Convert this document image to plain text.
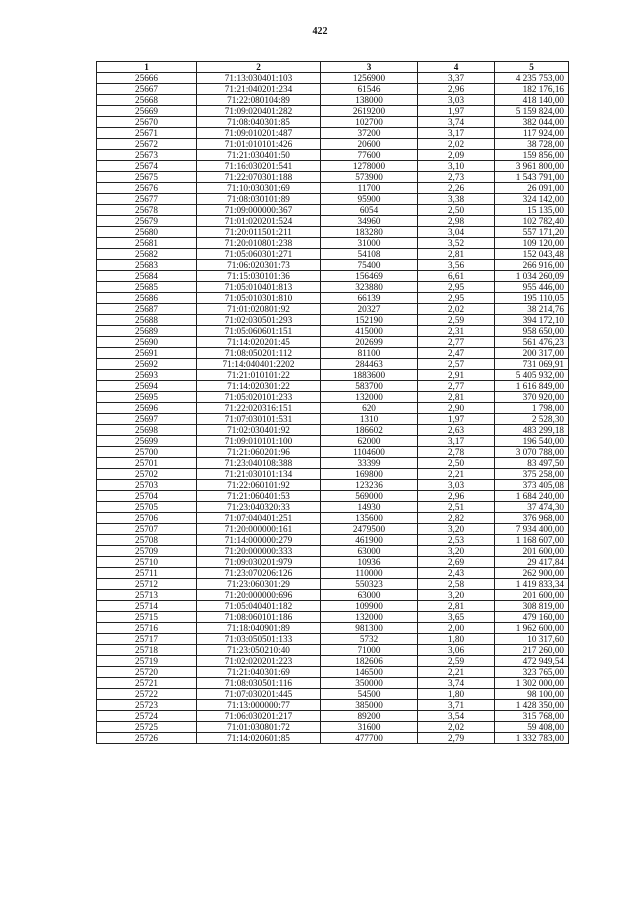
422
1	2	3	4	5
25666	71:13:030401:103	1256900	3,37	4 235 753,00
25667	71:21:040201:234	61546	2,96	182 176,16
25668	71:22:080104:89	138000	3,03	418 140,00
25669	71:09:020401:282	2619200	1,97	5 159 824,00
25670	71:08:040301:85	102700	3,74	382 044,00
25671	71:09:010201:487	37200	3,17	117 924,00
25672	71:01:010101:426	20600	2,02	38 728,00
25673	71:21:030401:50	77600	2,09	159 856,00
25674	71:16:030201:541	1278000	3,10	3 961 800,00
25675	71:22:070301:188	573900	2,73	1 543 791,00
25676	71:10:030301:69	11700	2,26	26 091,00
25677	71:08:030101:89	95900	3,38	324 142,00
25678	71:09:000000:367	6054	2,50	15 135,00
25679	71:01:020201:524	34960	2,98	102 782,40
25680	71:20:011501:211	183280	3,04	557 171,20
25681	71:20:010801:238	31000	3,52	109 120,00
25682	71:05:060301:271	54108	2,81	152 043,48
25683	71:06:020301:73	75400	3,56	266 916,00
25684	71:15:030101:36	156469	6,61	1 034 260,09
25685	71:05:010401:813	323880	2,95	955 446,00
25686	71:05:010301:810	66139	2,95	195 110,05
25687	71:01:020801:92	20327	2,02	38 214,76
25688	71:02:030501:293	152190	2,59	394 172,10
25689	71:05:060601:151	415000	2,31	958 650,00
25690	71:14:020201:45	202699	2,77	561 476,23
25691	71:08:050201:112	81100	2,47	200 317,00
25692	71:14:040401:2202	284463	2,57	731 069,91
25693	71:21:010101:22	1883600	2,91	5 405 932,00
25694	71:14:020301:22	583700	2,77	1 616 849,00
25695	71:05:020101:233	132000	2,81	370 920,00
25696	71:22:020316:151	620	2,90	1 798,00
25697	71:07:030101:531	1310	1,97	2 528,30
25698	71:02:030401:92	186602	2,63	483 299,18
25699	71:09:010101:100	62000	3,17	196 540,00
25700	71:21:060201:96	1104600	2,78	3 070 788,00
25701	71:23:040108:388	33399	2,50	83 497,50
25702	71:21:030101:134	169800	2,21	375 258,00
25703	71:22:060101:92	123236	3,03	373 405,08
25704	71:21:060401:53	569000	2,96	1 684 240,00
25705	71:23:040320:33	14930	2,51	37 474,30
25706	71:07:040401:251	135600	2,82	376 968,00
25707	71:20:000000:161	2479500	3,20	7 934 400,00
25708	71:14:000000:279	461900	2,53	1 168 607,00
25709	71:20:000000:333	63000	3,20	201 600,00
25710	71:09:030201:979	10936	2,69	29 417,84
25711	71:23:070206:126	110000	2,43	262 900,00
25712	71:23:060301:29	550323	2,58	1 419 833,34
25713	71:20:000000:696	63000	3,20	201 600,00
25714	71:05:040401:182	109900	2,81	308 819,00
25715	71:08:060101:186	132000	3,65	479 160,00
25716	71:18:040901:89	981300	2,00	1 962 600,00
25717	71:03:050501:133	5732	1,80	10 317,60
25718	71:23:050210:40	71000	3,06	217 260,00
25719	71:02:020201:223	182606	2,59	472 949,54
25720	71:21:040301:69	146500	2,21	323 765,00
25721	71:08:030501:116	350000	3,74	1 302 000,00
25722	71:07:030201:445	54500	1,80	98 100,00
25723	71:13:000000:77	385000	3,71	1 428 350,00
25724	71:06:030201:217	89200	3,54	315 768,00
25725	71:01:030801:72	31600	2,02	59 408,00
25726	71:14:020601:85	477700	2,79	1 332 783,00
